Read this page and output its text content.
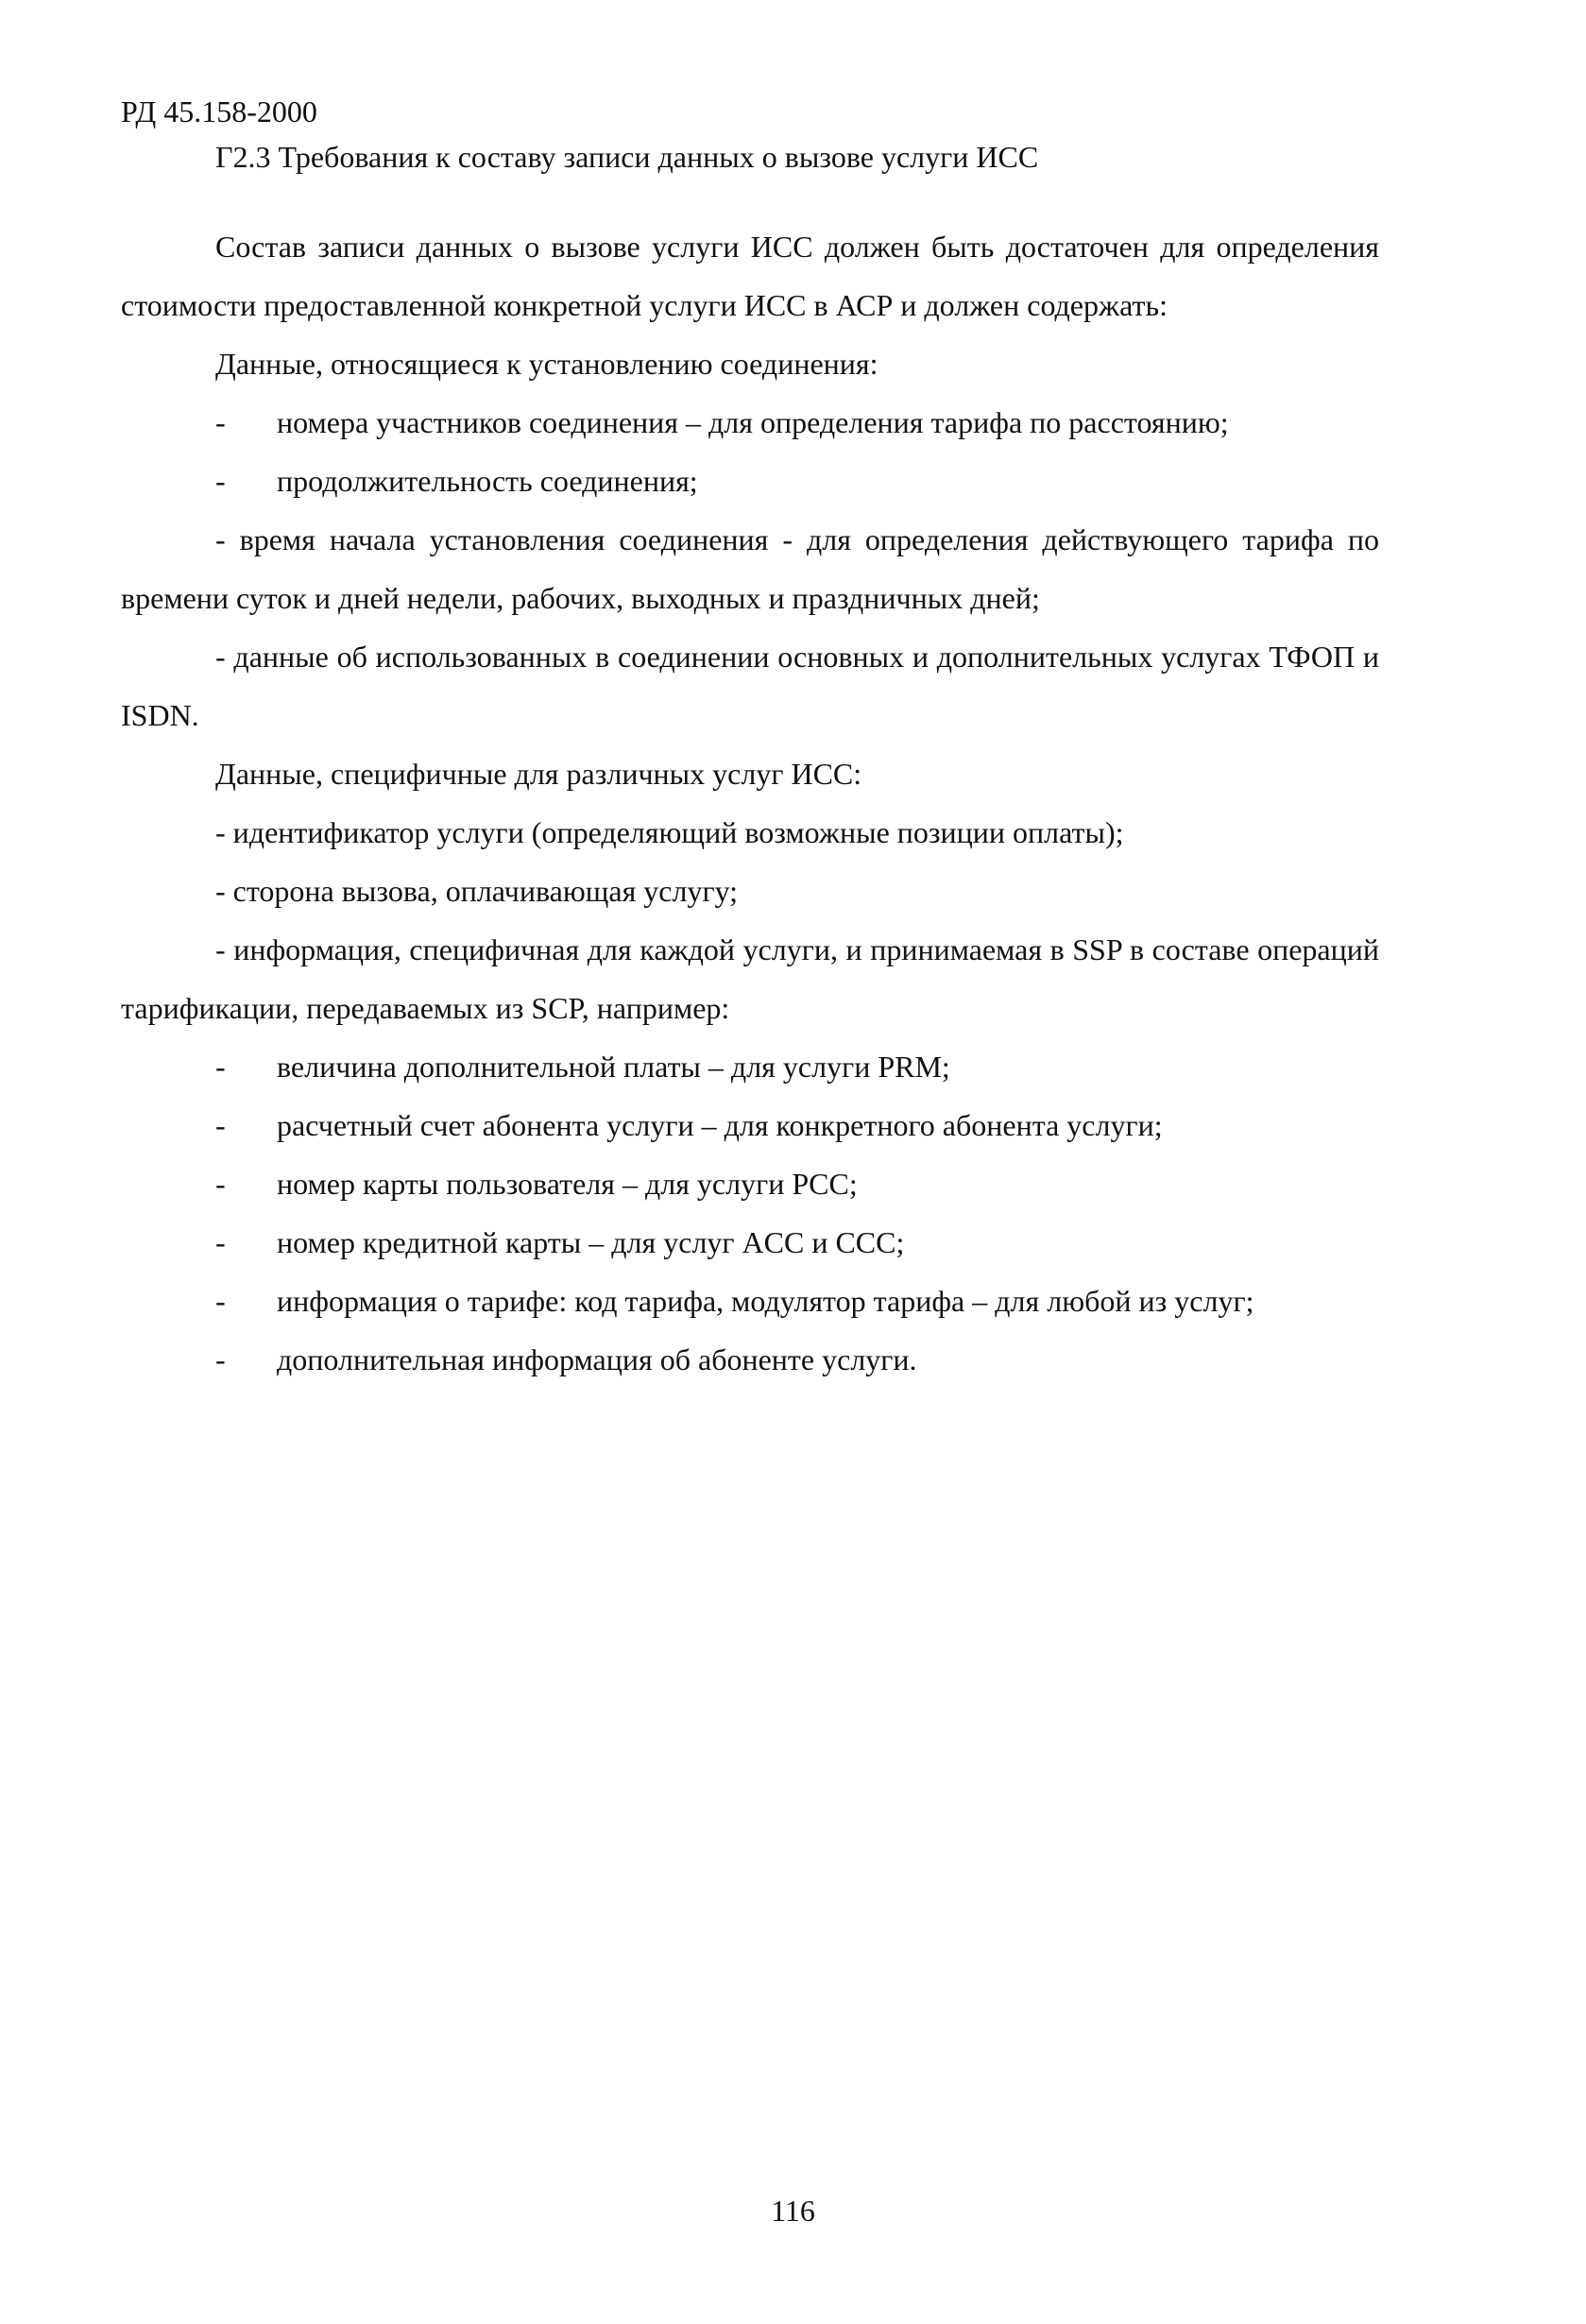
РД 45.158-2000
Г2.3 Требования к составу записи данных о вызове услуги ИСС

Состав записи данных о вызове услуги ИСС должен быть достаточен для определения стоимости предоставленной конкретной услуги ИСС в АСР и должен содержать:

Данные, относящиеся к установлению соединения:

- номера участников соединения – для определения тарифа по расстоянию;
- продолжительность соединения;

- время начала установления соединения - для определения действующего тарифа по времени суток и дней недели, рабочих, выходных и праздничных дней;

- данные об использованных в соединении основных и дополнительных услугах ТФОП и ISDN.

Данные, специфичные для различных услуг ИСС:

- идентификатор услуги (определяющий возможные позиции оплаты);

- сторона вызова, оплачивающая услугу;

- информация, специфичная для каждой услуги, и принимаемая в SSP в составе операций тарификации, передаваемых из SCP, например:

- величина дополнительной платы – для услуги PRM;
- расчетный счет абонента услуги – для конкретного абонента услуги;
- номер карты пользователя – для услуги PCC;
- номер кредитной карты – для услуг ACC и CCC;
- информация о тарифе: код тарифа, модулятор тарифа – для любой из услуг;
- дополнительная информация об абоненте услуги.
116
